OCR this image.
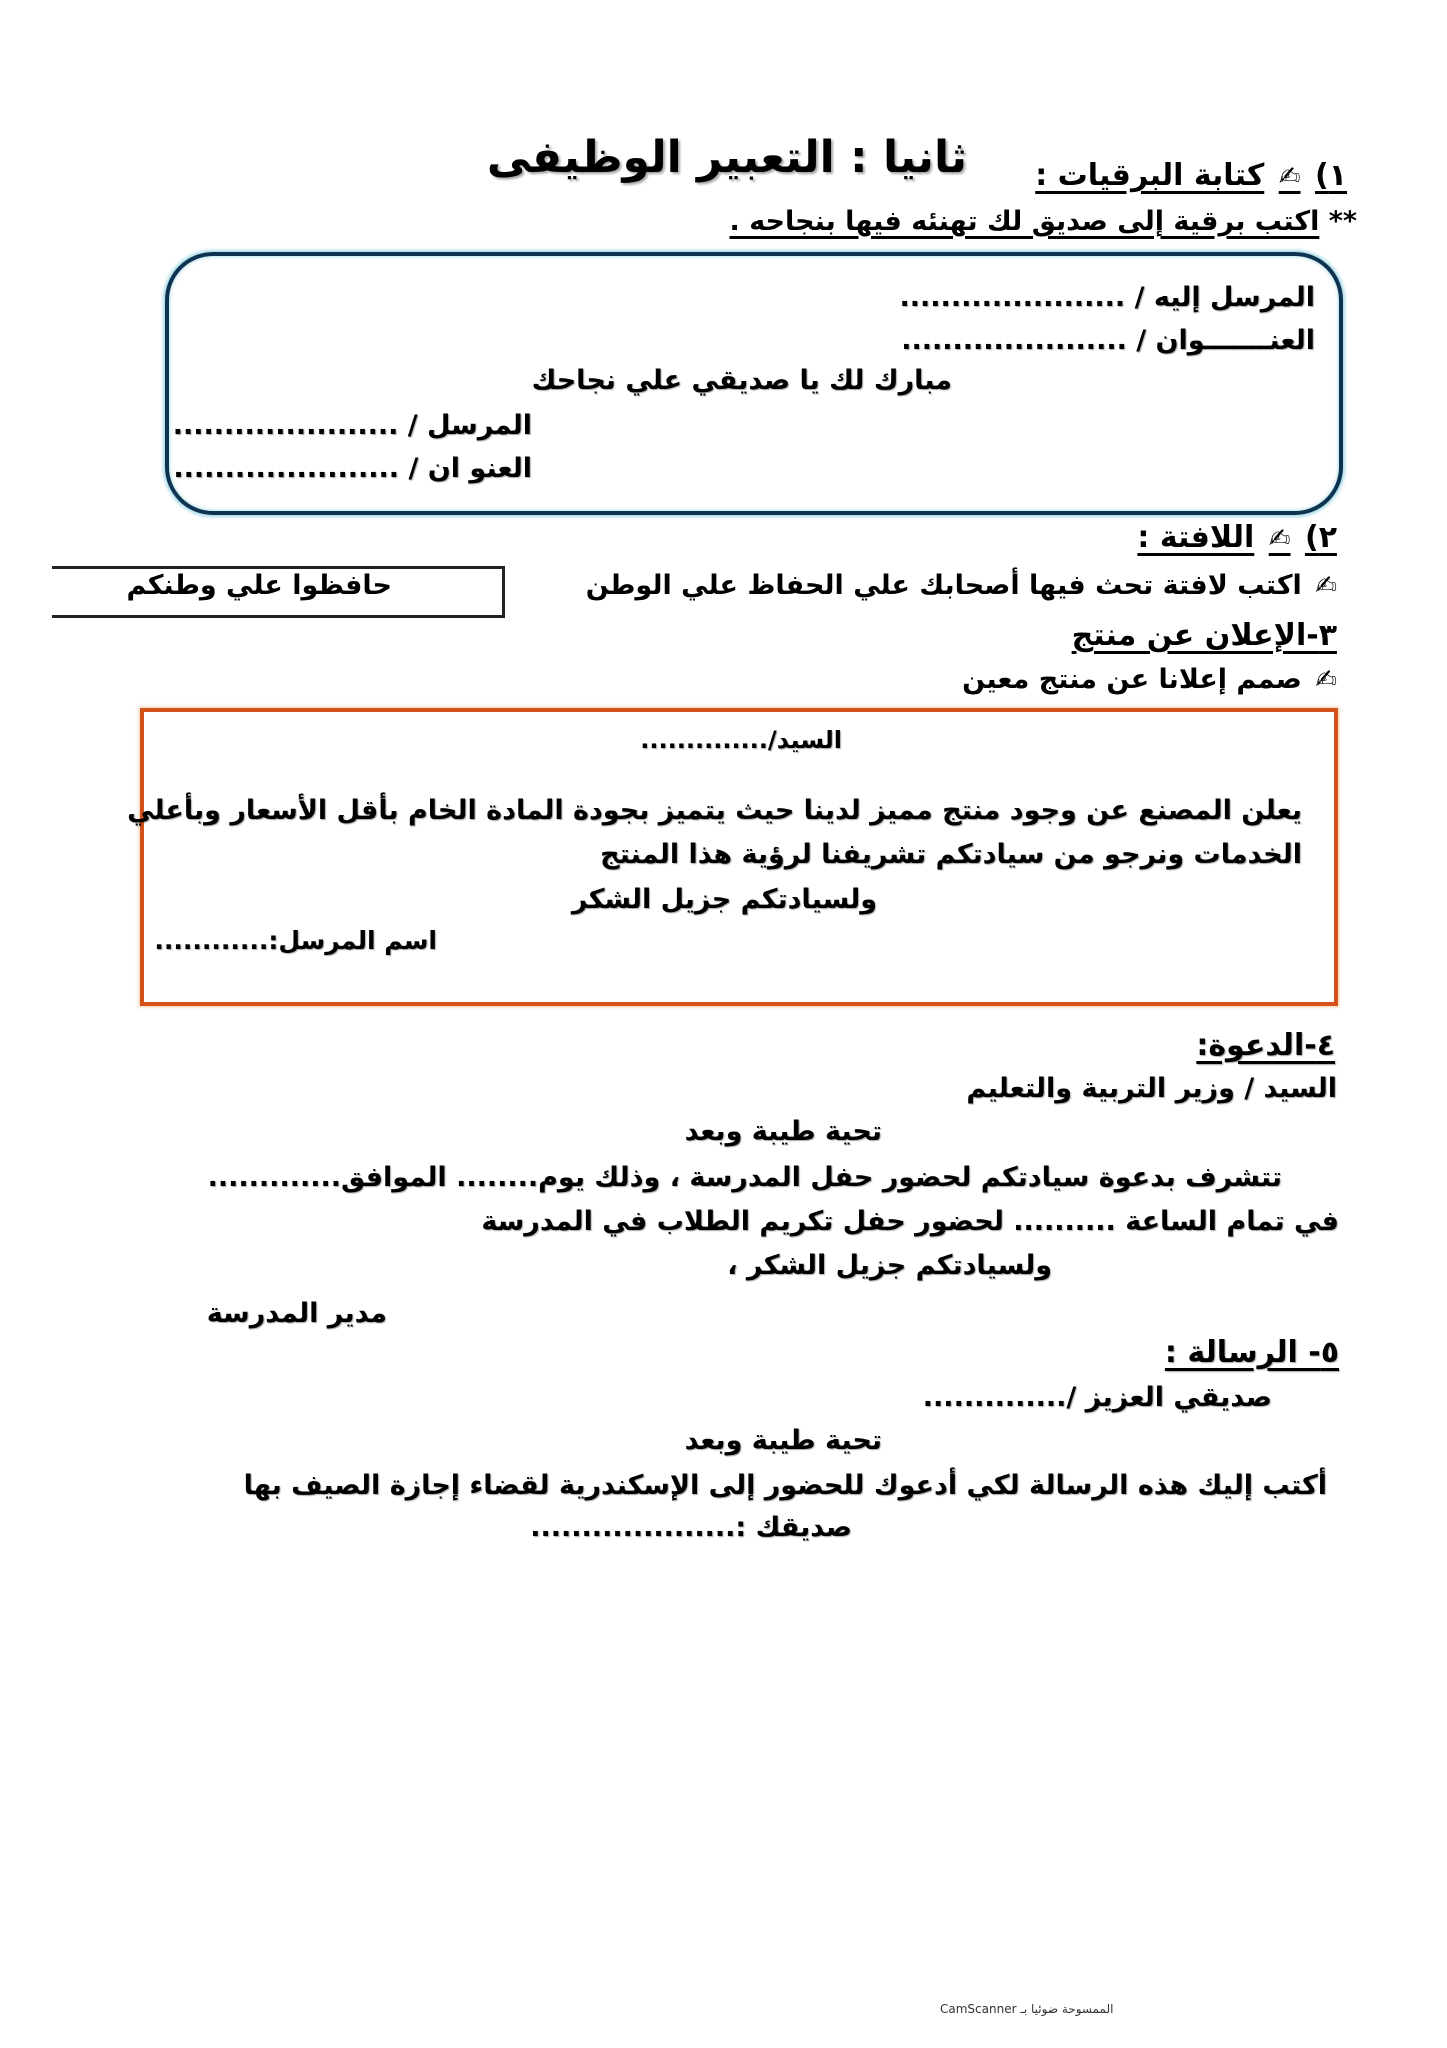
ثانيا : التعبير الوظيفى	١) ✍ كتابة البرقيات :
** اكتب برقية إلى صديق لك تهنئه فيها بنجاحه .
المرسل إليه / ......................
العنـــــــوان / ......................
مبارك لك يا صديقي علي نجاحك
المرسل / ......................
العنو ان / ......................
٢) ✍ اللافتة :
✍ اكتب لافتة تحث فيها أصحابك علي الحفاظ علي الوطن
حافظوا علي وطنكم
٣-الإعلان عن منتج
✍ صمم إعلانا عن منتج معين
السيد/..............
يعلن المصنع عن وجود منتج مميز لدينا حيث يتميز بجودة المادة الخام بأقل الأسعار وبأعلي
الخدمات ونرجو من سيادتكم تشريفنا لرؤية هذا المنتج
ولسيادتكم جزيل الشكر
اسم المرسل:............
٤-الدعوة:
السيد / وزير التربية والتعليم
تحية طيبة وبعد
تتشرف بدعوة سيادتكم لحضور حفل المدرسة ، وذلك يوم........ الموافق.............
في تمام الساعة .......... لحضور حفل تكريم الطلاب في المدرسة
ولسيادتكم جزيل الشكر ،
مدير المدرسة
٥- الرسالة :
صديقي العزيز /..............
تحية طيبة وبعد
أكتب إليك هذه الرسالة لكي أدعوك للحضور إلى الإسكندرية لقضاء إجازة الصيف بها
صديقك :....................
الممسوحة ضوئيا بـ CamScanner
